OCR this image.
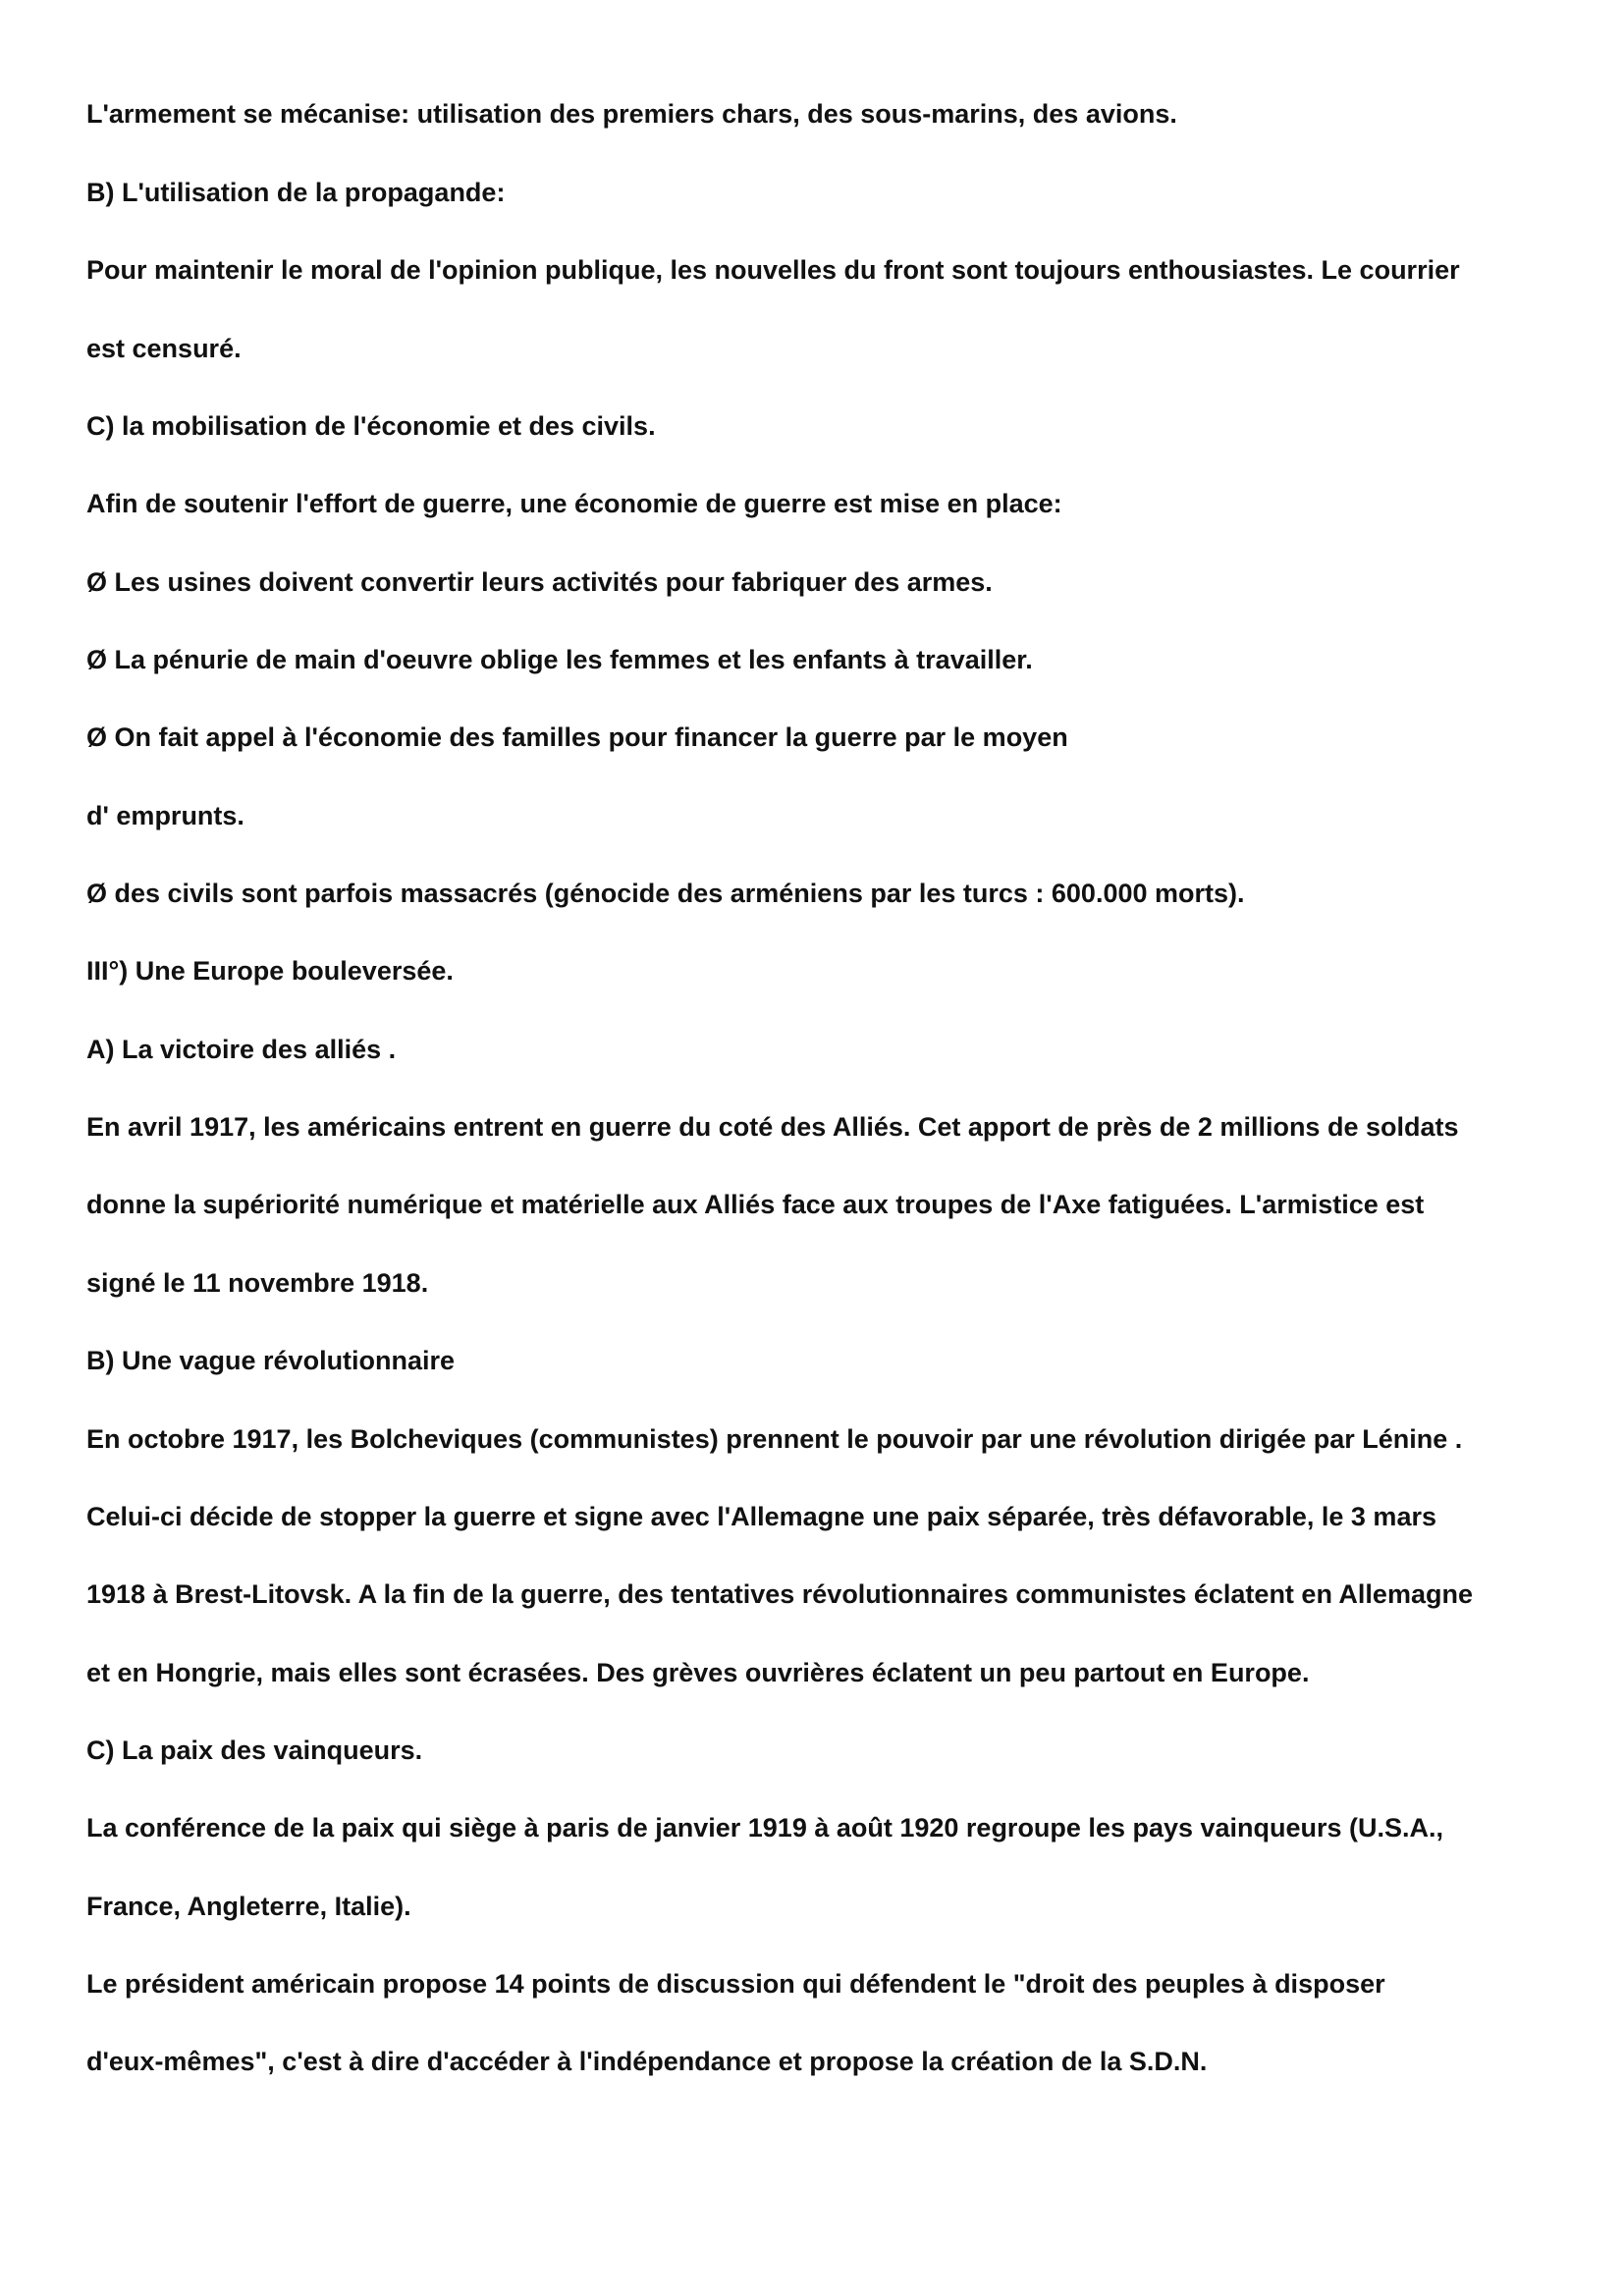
L'armement se mécanise: utilisation des premiers chars, des sous-marins, des avions.

B) L'utilisation de la propagande:

Pour maintenir le moral de l'opinion publique, les nouvelles du front sont toujours enthousiastes. Le courrier

est censuré.

C) la mobilisation de l'économie et des civils.

Afin de soutenir l'effort de guerre, une économie de guerre est mise en place:

Ø Les usines doivent convertir leurs activités pour fabriquer des armes.

Ø La pénurie de main d'oeuvre oblige les femmes et les enfants à travailler.

Ø On fait appel à l'économie des familles pour financer la guerre par le moyen

d' emprunts.

Ø des civils sont parfois massacrés (génocide des arméniens par les turcs : 600.000 morts).

III°) Une Europe bouleversée.

A) La victoire des alliés .

En avril 1917, les américains entrent en guerre du coté des Alliés. Cet apport de près de 2 millions de soldats

donne la supériorité numérique et matérielle aux Alliés face aux troupes de l'Axe fatiguées. L'armistice est

signé le 11 novembre 1918.

B) Une vague révolutionnaire

En octobre 1917, les Bolcheviques (communistes) prennent le pouvoir par une révolution dirigée par Lénine .

Celui-ci décide de stopper la guerre et signe avec l'Allemagne une paix séparée, très défavorable, le 3 mars

1918 à Brest-Litovsk. A la fin de la guerre, des tentatives révolutionnaires communistes éclatent en Allemagne

et en Hongrie, mais elles sont écrasées. Des grèves ouvrières éclatent un peu partout en Europe.

C) La paix des vainqueurs.

La conférence de la paix qui siège à paris de janvier 1919 à août 1920 regroupe les pays vainqueurs (U.S.A.,

France, Angleterre, Italie).

Le président américain propose 14 points de discussion qui défendent le "droit des peuples à disposer

d'eux-mêmes", c'est à dire d'accéder à l'indépendance et propose la création de la S.D.N.
